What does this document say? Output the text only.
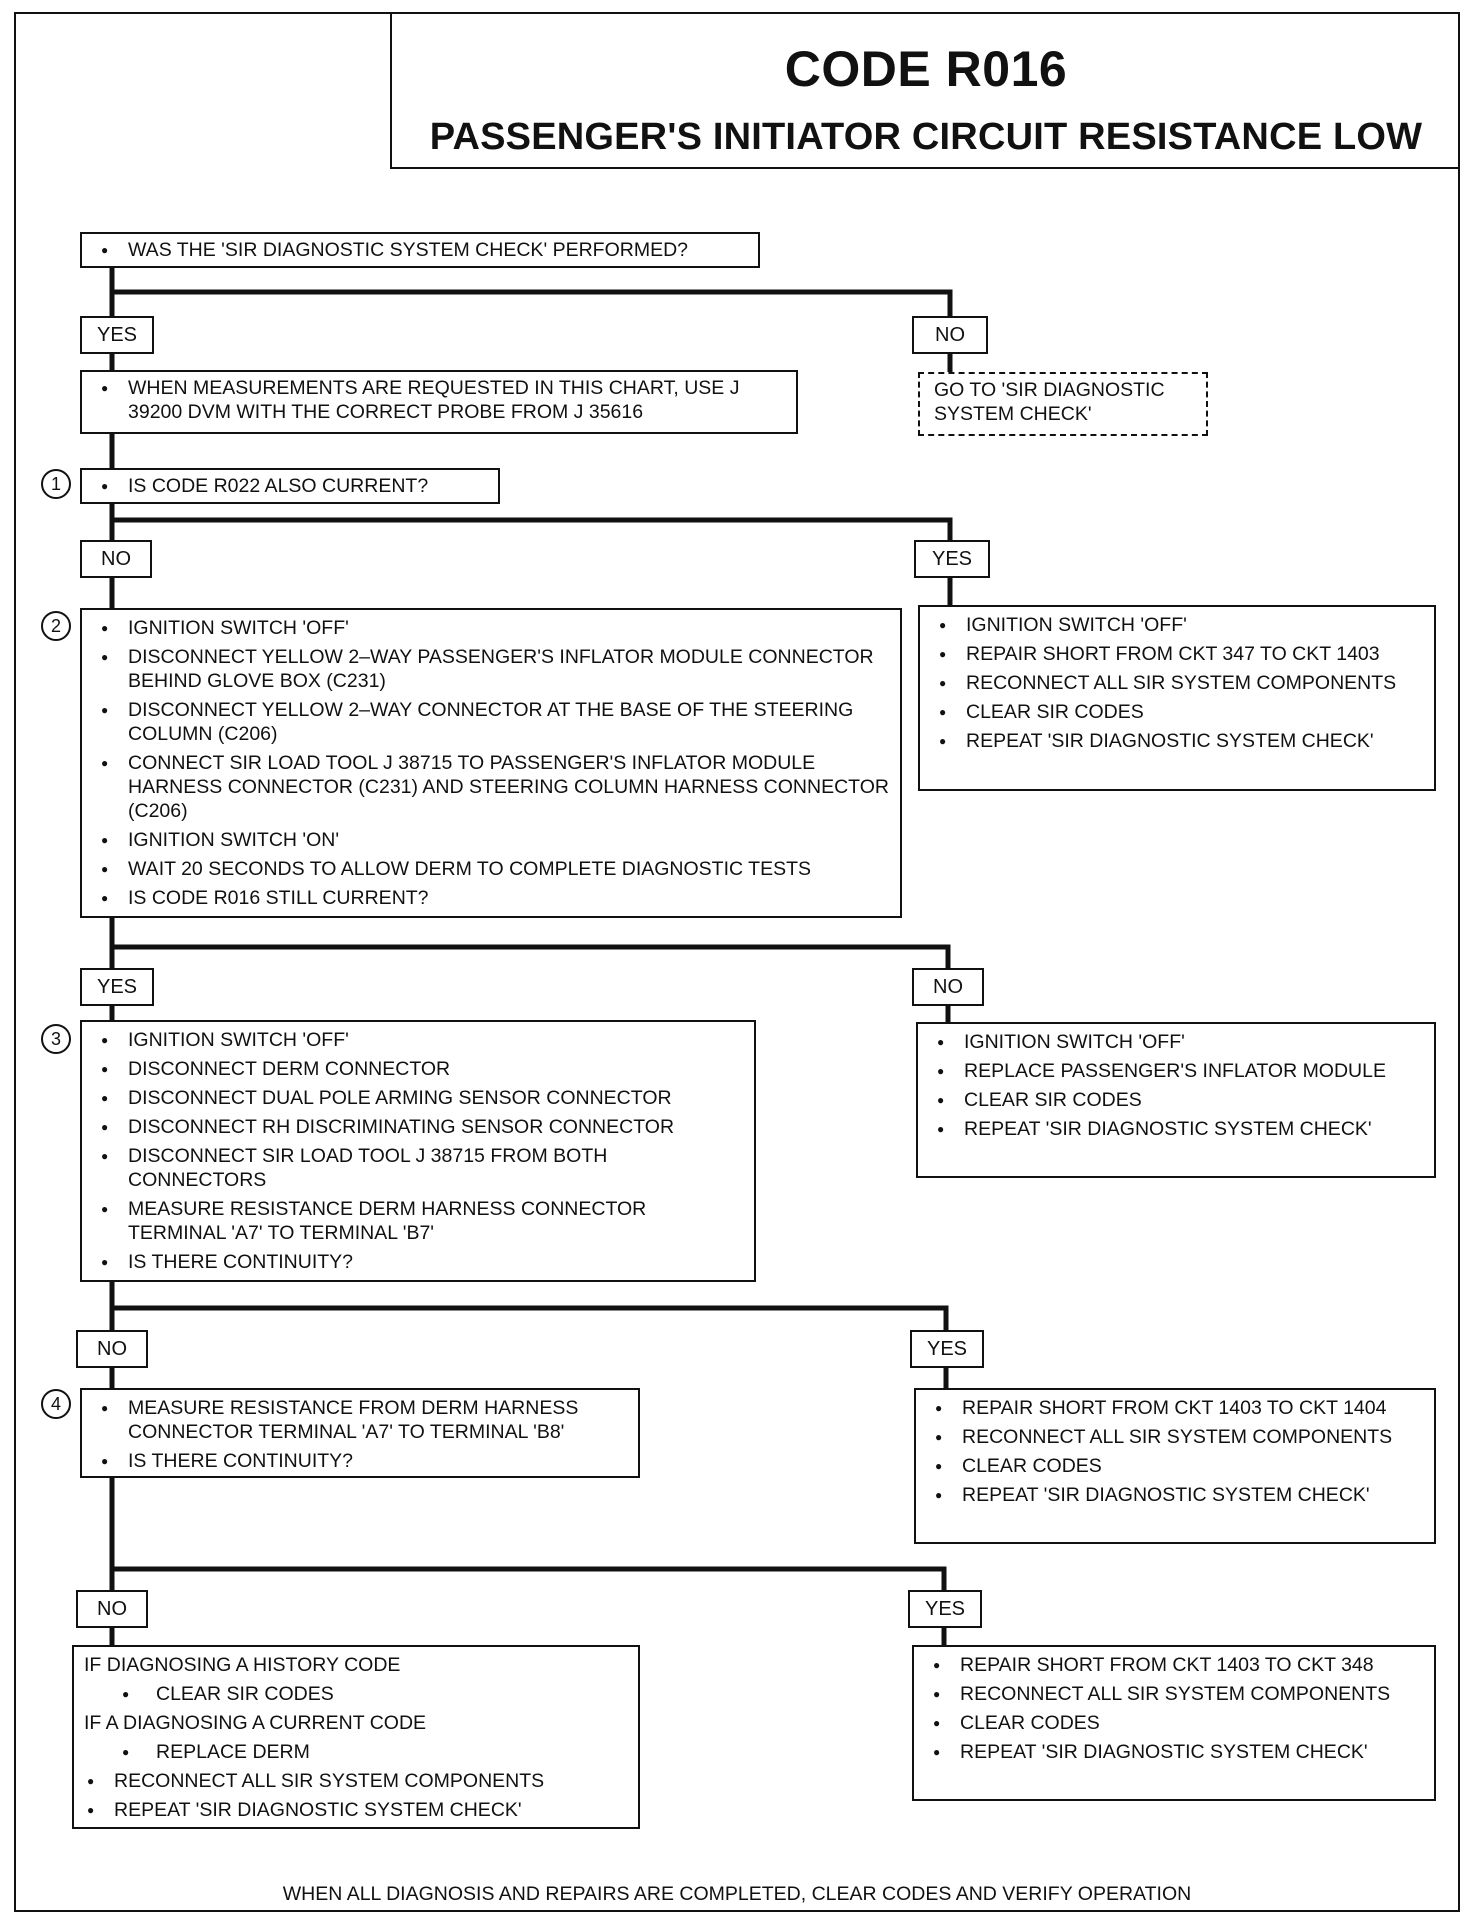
CODE R016
PASSENGER'S INITIATOR CIRCUIT RESISTANCE LOW
● WAS THE 'SIR DIAGNOSTIC SYSTEM CHECK' PERFORMED?
YES	NO
● WHEN MEASUREMENTS ARE REQUESTED IN THIS CHART, USE J 39200 DVM WITH THE CORRECT PROBE FROM J 35616
GO TO 'SIR DIAGNOSTIC SYSTEM CHECK'
1	● IS CODE R022 ALSO CURRENT?
NO	YES
● IGNITION SWITCH 'OFF'
● REPAIR SHORT FROM CKT 347 TO CKT 1403
● RECONNECT ALL SIR SYSTEM COMPONENTS
● CLEAR SIR CODES
● REPEAT 'SIR DIAGNOSTIC SYSTEM CHECK'
2	● IGNITION SWITCH 'OFF'
● DISCONNECT YELLOW 2–WAY PASSENGER'S INFLATOR MODULE CONNECTOR BEHIND GLOVE BOX (C231)
● DISCONNECT YELLOW 2–WAY CONNECTOR AT THE BASE OF THE STEERING COLUMN (C206)
● CONNECT SIR LOAD TOOL J 38715 TO PASSENGER'S INFLATOR MODULE HARNESS CONNECTOR (C231) AND STEERING COLUMN HARNESS CONNECTOR (C206)
● IGNITION SWITCH 'ON'
● WAIT 20 SECONDS TO ALLOW DERM TO COMPLETE DIAGNOSTIC TESTS
● IS CODE R016 STILL CURRENT?
YES	NO
● IGNITION SWITCH 'OFF'
● REPLACE PASSENGER'S INFLATOR MODULE
● CLEAR SIR CODES
● REPEAT 'SIR DIAGNOSTIC SYSTEM CHECK'
3	● IGNITION SWITCH 'OFF'
● DISCONNECT DERM CONNECTOR
● DISCONNECT DUAL POLE ARMING SENSOR CONNECTOR
● DISCONNECT RH DISCRIMINATING SENSOR CONNECTOR
● DISCONNECT SIR LOAD TOOL J 38715 FROM BOTH CONNECTORS
● MEASURE RESISTANCE DERM HARNESS CONNECTOR TERMINAL 'A7' TO TERMINAL 'B7'
● IS THERE CONTINUITY?
NO	YES
● REPAIR SHORT FROM CKT 1403 TO CKT 1404
● RECONNECT ALL SIR SYSTEM COMPONENTS
● CLEAR CODES
● REPEAT 'SIR DIAGNOSTIC SYSTEM CHECK'
4	● MEASURE RESISTANCE FROM DERM HARNESS CONNECTOR TERMINAL 'A7' TO TERMINAL 'B8'
● IS THERE CONTINUITY?
NO	YES
IF DIAGNOSING A HISTORY CODE
● CLEAR SIR CODES
IF A DIAGNOSING A CURRENT CODE
● REPLACE DERM
● RECONNECT ALL SIR SYSTEM COMPONENTS
● REPEAT 'SIR DIAGNOSTIC SYSTEM CHECK'
● REPAIR SHORT FROM CKT 1403 TO CKT 348
● RECONNECT ALL SIR SYSTEM COMPONENTS
● CLEAR CODES
● REPEAT 'SIR DIAGNOSTIC SYSTEM CHECK'
WHEN ALL DIAGNOSIS AND REPAIRS ARE COMPLETED, CLEAR CODES AND VERIFY OPERATION
